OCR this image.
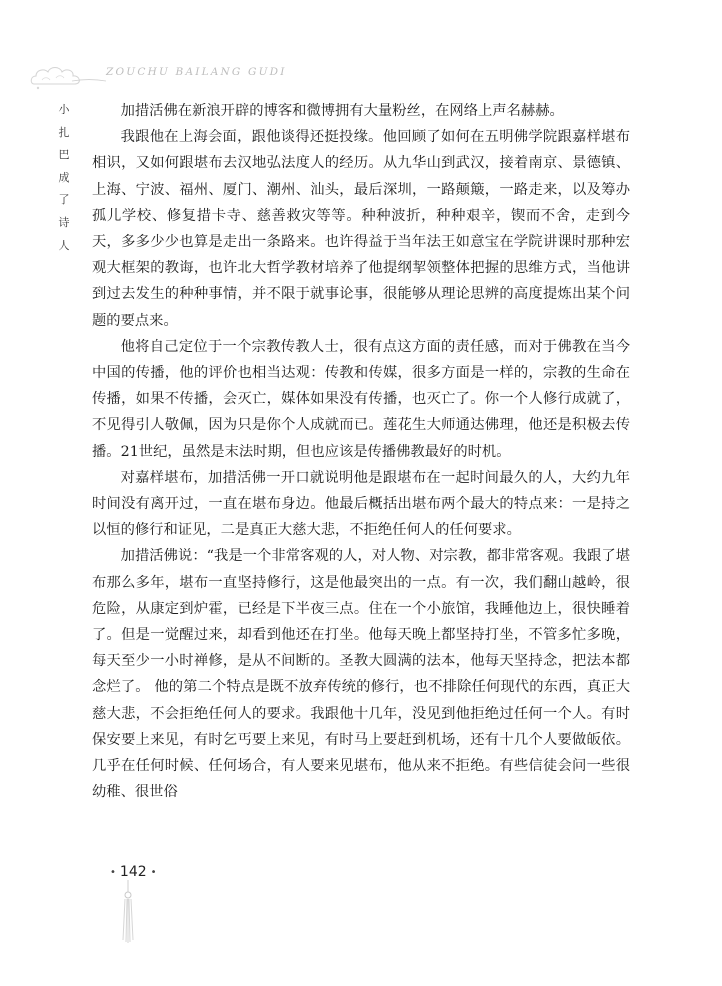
ZOUCHU BAILANG GUDI
小扎巴成了诗人

加措活佛在新浪开辟的博客和微博拥有大量粉丝，在网络上声名赫赫。

我跟他在上海会面，跟他谈得还挺投缘。他回顾了如何在五明佛学院跟嘉样堪布相识，又如何跟堪布去汉地弘法度人的经历。从九华山到武汉，接着南京、景德镇、上海、宁波、福州、厦门、潮州、汕头，最后深圳，一路颠簸，一路走来，以及筹办孤儿学校、修复措卡寺、慈善救灾等等。种种波折，种种艰辛，锲而不舍，走到今天，多多少少也算是走出一条路来。也许得益于当年法王如意宝在学院讲课时那种宏观大框架的教诲，也许北大哲学教材培养了他提纲挈领整体把握的思维方式，当他讲到过去发生的种种事情，并不限于就事论事，很能够从理论思辨的高度提炼出某个问题的要点来。

他将自己定位于一个宗教传教人士，很有点这方面的责任感，而对于佛教在当今中国的传播，他的评价也相当达观：传教和传媒，很多方面是一样的，宗教的生命在传播，如果不传播，会灭亡，媒体如果没有传播，也灭亡了。你一个人修行成就了，不见得引人敬佩，因为只是你个人成就而已。莲花生大师通达佛理，他还是积极去传播。21世纪，虽然是末法时期，但也应该是传播佛教最好的时机。

对嘉样堪布，加措活佛一开口就说明他是跟堪布在一起时间最久的人，大约九年时间没有离开过，一直在堪布身边。他最后概括出堪布两个最大的特点来：一是持之以恒的修行和证见，二是真正大慈大悲，不拒绝任何人的任何要求。

加措活佛说：“我是一个非常客观的人，对人物、对宗教，都非常客观。我跟了堪布那么多年，堪布一直坚持修行，这是他最突出的一点。有一次，我们翻山越岭，很危险，从康定到炉霍，已经是下半夜三点。住在一个小旅馆，我睡他边上，很快睡着了。但是一觉醒过来，却看到他还在打坐。他每天晚上都坚持打坐，不管多忙多晚，每天至少一小时禅修，是从不间断的。圣教大圆满的法本，他每天坚持念，把法本都念烂了。 他的第二个特点是既不放弃传统的修行，也不排除任何现代的东西，真正大慈大悲，不会拒绝任何人的要求。我跟他十几年，没见到他拒绝过任何一个人。有时保安要上来见，有时乞丐要上来见，有时马上要赶到机场，还有十几个人要做皈依。几乎在任何时候、任何场合，有人要来见堪布，他从来不拒绝。有些信徒会问一些很幼稚、很世俗

• 142 •
